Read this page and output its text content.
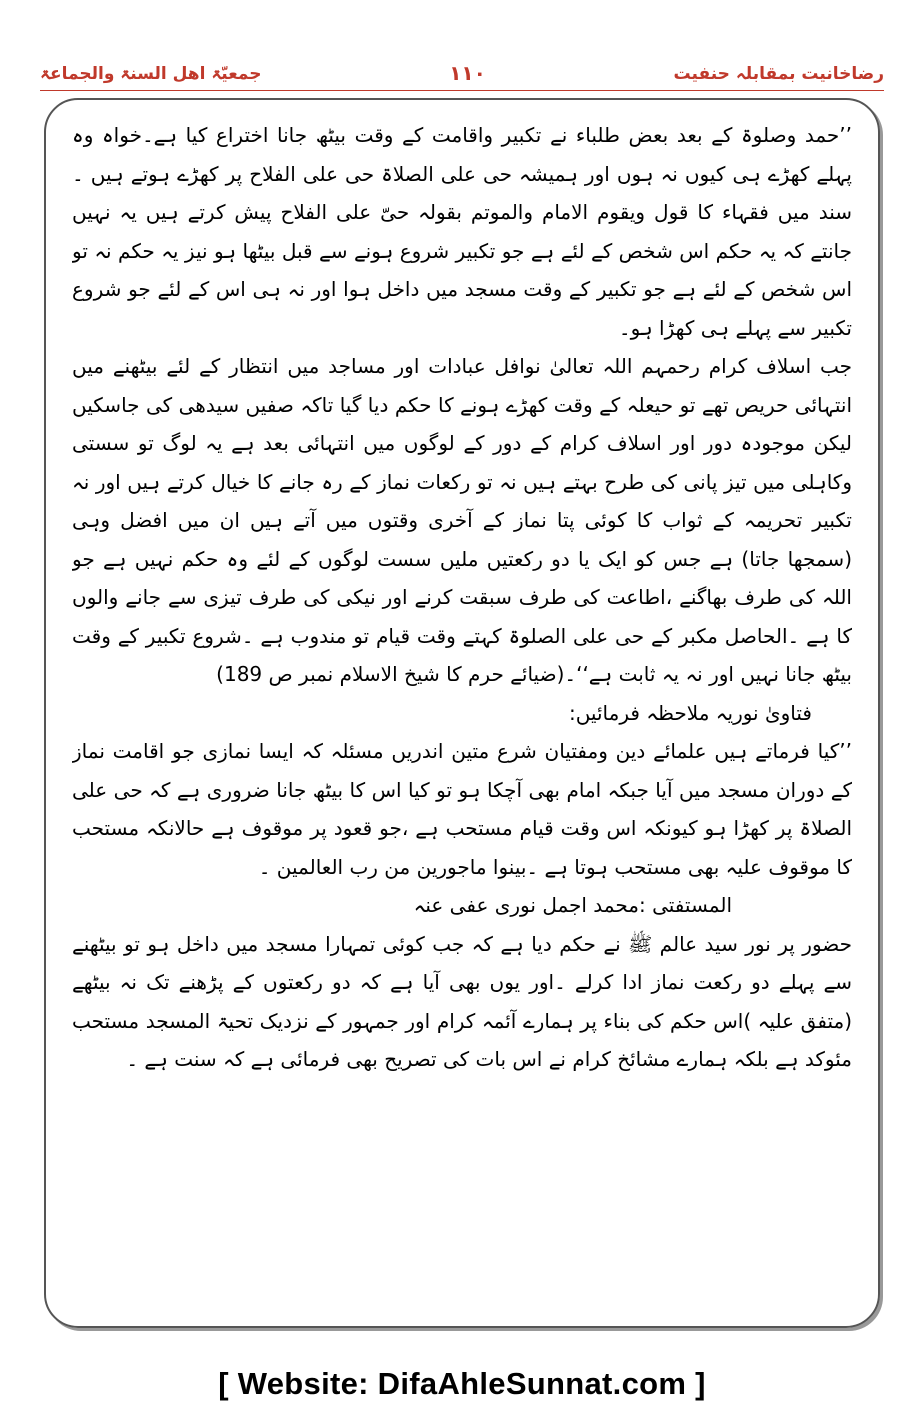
جمعیّۃ اھل السنۃ والجماعۃ	۱۱۰	رضاخانیت بمقابلہ حنفیت

’’حمد وصلوۃ کے بعد بعض طلباء نے تکبیر واقامت کے وقت بیٹھ جانا اختراع کیا ہے۔خواہ وہ پہلے کھڑے ہی کیوں نہ ہوں اور ہمیشہ حی علی الصلاۃ حی علی الفلاح پر کھڑے ہوتے ہیں ۔سند میں فقہاء کا قول ویقوم الامام والموتم بقولہ حیّ علی الفلاح پیش کرتے ہیں یہ نہیں جانتے کہ یہ حکم اس شخص کے لئے ہے جو تکبیر شروع ہونے سے قبل بیٹھا ہو نیز یہ حکم نہ تو اس شخص کے لئے ہے جو تکبیر کے وقت مسجد میں داخل ہوا اور نہ ہی اس کے لئے جو شروع تکبیر سے پہلے ہی کھڑا ہو۔

جب اسلاف کرام رحمہم اللہ تعالیٰ نوافل عبادات اور مساجد میں انتظار کے لئے بیٹھنے میں انتہائی حریص تھے تو حیعلہ کے وقت کھڑے ہونے کا حکم دیا گیا تاکہ صفیں سیدھی کی جاسکیں لیکن موجودہ دور اور اسلاف کرام کے دور کے لوگوں میں انتہائی بعد ہے یہ لوگ تو سستی وکاہلی میں تیز پانی کی طرح بہتے ہیں نہ تو رکعات نماز کے رہ جانے کا خیال کرتے ہیں اور نہ تکبیر تحریمہ کے ثواب کا کوئی پتا نماز کے آخری وقتوں میں آتے ہیں ان میں افضل وہی (سمجھا جاتا) ہے جس کو ایک یا دو رکعتیں ملیں سست لوگوں کے لئے وہ حکم نہیں ہے جو اللہ کی طرف بھاگنے ،اطاعت کی طرف سبقت کرنے اور نیکی کی طرف تیزی سے جانے والوں کا ہے ۔الحاصل مکبر کے حی علی الصلوۃ کہتے وقت قیام تو مندوب ہے ۔شروع تکبیر کے وقت بیٹھ جانا نہیں اور نہ یہ ثابت ہے‘‘۔(ضیائے حرم کا شیخ الاسلام نمبر ص 189)

فتاویٰ نوریہ ملاحظہ فرمائیں:

’’کیا فرماتے ہیں علمائے دین ومفتیان شرع متین اندریں مسئلہ کہ ایسا نمازی جو اقامت نماز کے دوران مسجد میں آیا جبکہ امام بھی آچکا ہو تو کیا اس کا بیٹھ جانا ضروری ہے کہ حی علی الصلاۃ پر کھڑا ہو کیونکہ اس وقت قیام مستحب ہے ،جو قعود پر موقوف ہے حالانکہ مستحب کا موقوف علیہ بھی مستحب ہوتا ہے ۔بینوا ماجورین من رب العالمین ۔

المستفتی :محمد اجمل نوری عفی عنہ

حضور پر نور سید عالم ﷺ نے حکم دیا ہے کہ جب کوئی تمہارا مسجد میں داخل ہو تو بیٹھنے سے پہلے دو رکعت نماز ادا کرلے ۔اور یوں بھی آیا ہے کہ دو رکعتوں کے پڑھنے تک نہ بیٹھے (متفق علیہ )اس حکم کی بناء پر ہمارے آئمہ کرام اور جمہور کے نزدیک تحیۃ المسجد مستحب مئوکد ہے بلکہ ہمارے مشائخ کرام نے اس بات کی تصریح بھی فرمائی ہے کہ سنت ہے ۔

[ Website: DifaAhleSunnat.com ]
